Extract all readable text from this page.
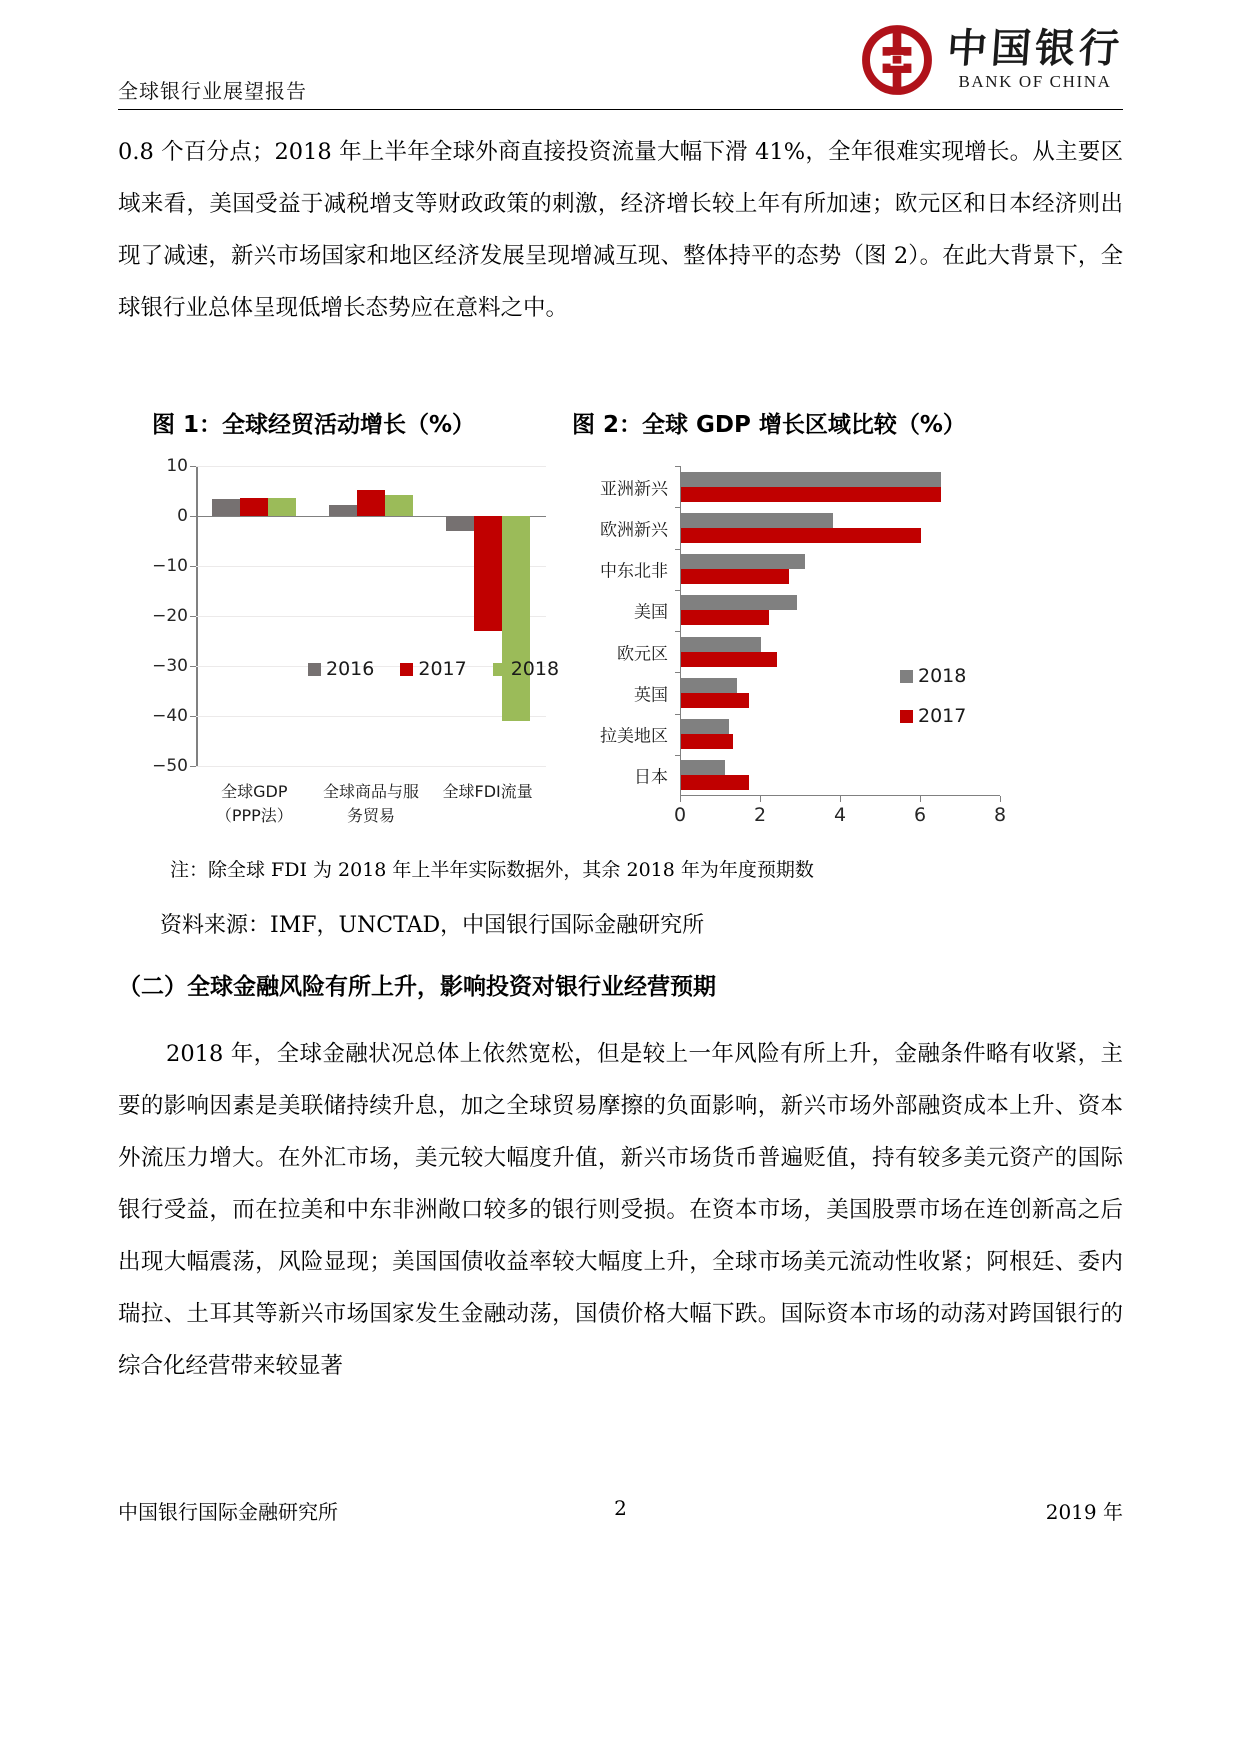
全球银行业展望报告
中国银行
BANK OF CHINA
0.8 个百分点；2018 年上半年全球外商直接投资流量大幅下滑 41%，全年很难实现增长。从主要区域来看，美国受益于减税增支等财政政策的刺激，经济增长较上年有所加速；欧元区和日本经济则出现了减速，新兴市场国家和地区经济发展呈现增减互现、整体持平的态势（图 2）。在此大背景下，全球银行业总体呈现低增长态势应在意料之中。
图 1：全球经贸活动增长（%）	图 2：全球 GDP 增长区域比较（%）
10
0
−10
−20
−30
−40
−50
全球GDP
（PPP法）
全球商品与服
务贸易
全球FDI流量
2016 2017 2018
亚洲新兴
欧洲新兴
中东北非
美国
欧元区
英国
拉美地区
日本
0	2	4	6	8
2018
2017
注：除全球 FDI 为 2018 年上半年实际数据外，其余 2018 年为年度预期数
资料来源：IMF，UNCTAD，中国银行国际金融研究所
（二）全球金融风险有所上升，影响投资对银行业经营预期
2018 年，全球金融状况总体上依然宽松，但是较上一年风险有所上升，金融条件略有收紧，主要的影响因素是美联储持续升息，加之全球贸易摩擦的负面影响，新兴市场外部融资成本上升、资本外流压力增大。在外汇市场，美元较大幅度升值，新兴市场货币普遍贬值，持有较多美元资产的国际银行受益，而在拉美和中东非洲敞口较多的银行则受损。在资本市场，美国股票市场在连创新高之后出现大幅震荡，风险显现；美国国债收益率较大幅度上升，全球市场美元流动性收紧；阿根廷、委内瑞拉、土耳其等新兴市场国家发生金融动荡，国债价格大幅下跌。国际资本市场的动荡对跨国银行的综合化经营带来较显著
中国银行国际金融研究所	2	2019 年
